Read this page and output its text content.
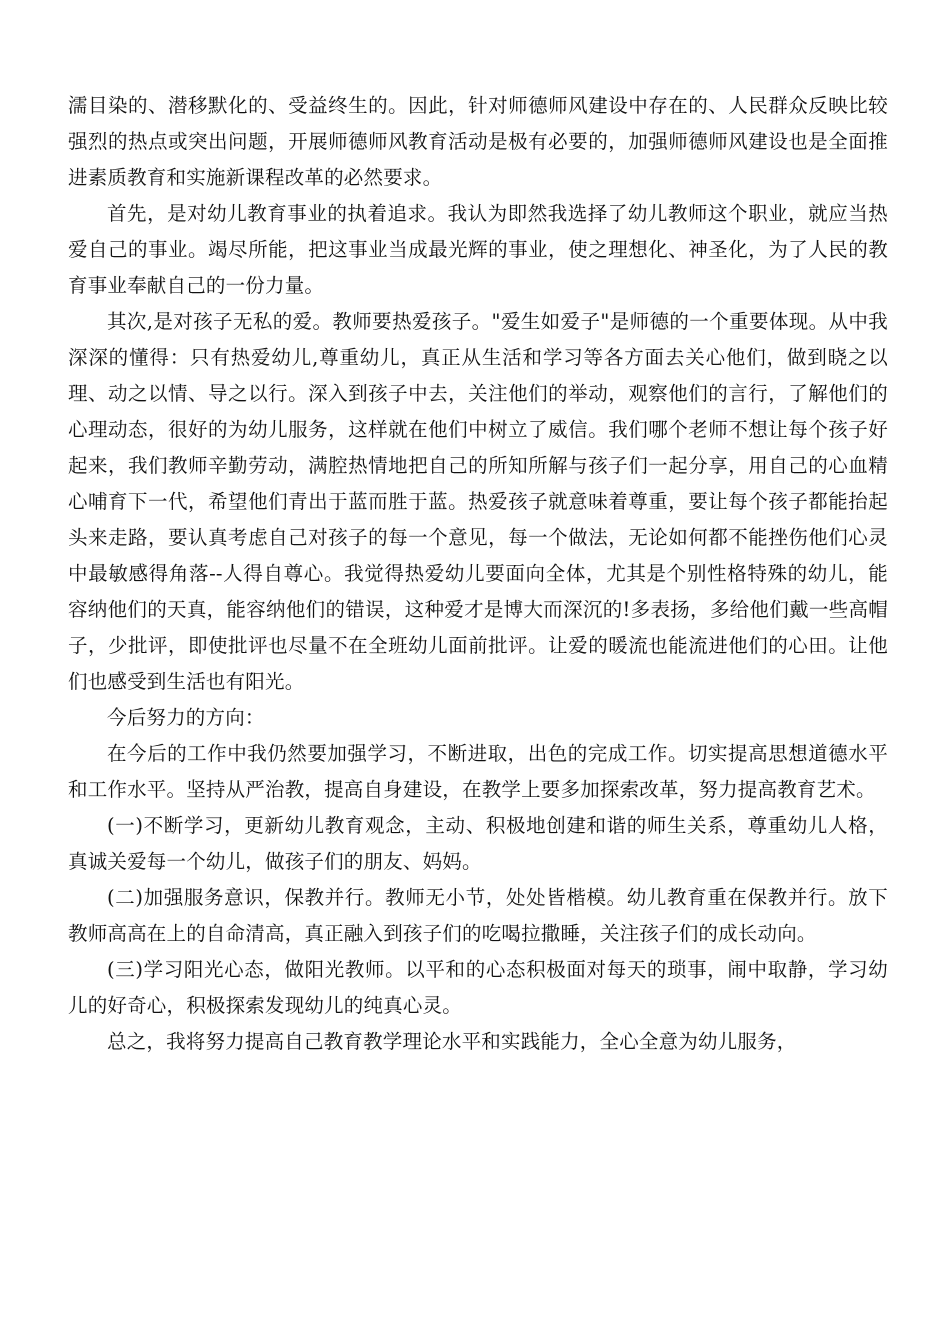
濡目染的、潜移默化的、受益终生的。因此，针对师德师风建设中存在的、人民群众反映比较强烈的热点或突出问题，开展师德师风教育活动是极有必要的，加强师德师风建设也是全面推进素质教育和实施新课程改革的必然要求。

首先，是对幼儿教育事业的执着追求。我认为即然我选择了幼儿教师这个职业，就应当热爱自己的事业。竭尽所能，把这事业当成最光辉的事业，使之理想化、神圣化，为了人民的教育事业奉献自己的一份力量。

其次,是对孩子无私的爱。教师要热爱孩子。"爱生如爱子"是师德的一个重要体现。从中我深深的懂得：只有热爱幼儿,尊重幼儿，真正从生活和学习等各方面去关心他们，做到晓之以理、动之以情、导之以行。深入到孩子中去，关注他们的举动，观察他们的言行，了解他们的心理动态，很好的为幼儿服务，这样就在他们中树立了威信。我们哪个老师不想让每个孩子好起来，我们教师辛勤劳动，满腔热情地把自己的所知所解与孩子们一起分享，用自己的心血精心哺育下一代，希望他们青出于蓝而胜于蓝。热爱孩子就意味着尊重，要让每个孩子都能抬起头来走路，要认真考虑自己对孩子的每一个意见，每一个做法，无论如何都不能挫伤他们心灵中最敏感得角落--人得自尊心。我觉得热爱幼儿要面向全体，尤其是个别性格特殊的幼儿，能容纳他们的天真，能容纳他们的错误，这种爱才是博大而深沉的!多表扬，多给他们戴一些高帽子，少批评，即使批评也尽量不在全班幼儿面前批评。让爱的暖流也能流进他们的心田。让他们也感受到生活也有阳光。

今后努力的方向：

在今后的工作中我仍然要加强学习，不断进取，出色的完成工作。切实提高思想道德水平和工作水平。坚持从严治教，提高自身建设，在教学上要多加探索改革，努力提高教育艺术。

(一)不断学习，更新幼儿教育观念，主动、积极地创建和谐的师生关系，尊重幼儿人格，真诚关爱每一个幼儿，做孩子们的朋友、妈妈。

(二)加强服务意识，保教并行。教师无小节，处处皆楷模。幼儿教育重在保教并行。放下教师高高在上的自命清高，真正融入到孩子们的吃喝拉撒睡，关注孩子们的成长动向。

(三)学习阳光心态，做阳光教师。以平和的心态积极面对每天的琐事，闹中取静，学习幼儿的好奇心，积极探索发现幼儿的纯真心灵。

总之，我将努力提高自己教育教学理论水平和实践能力，全心全意为幼儿服务，
